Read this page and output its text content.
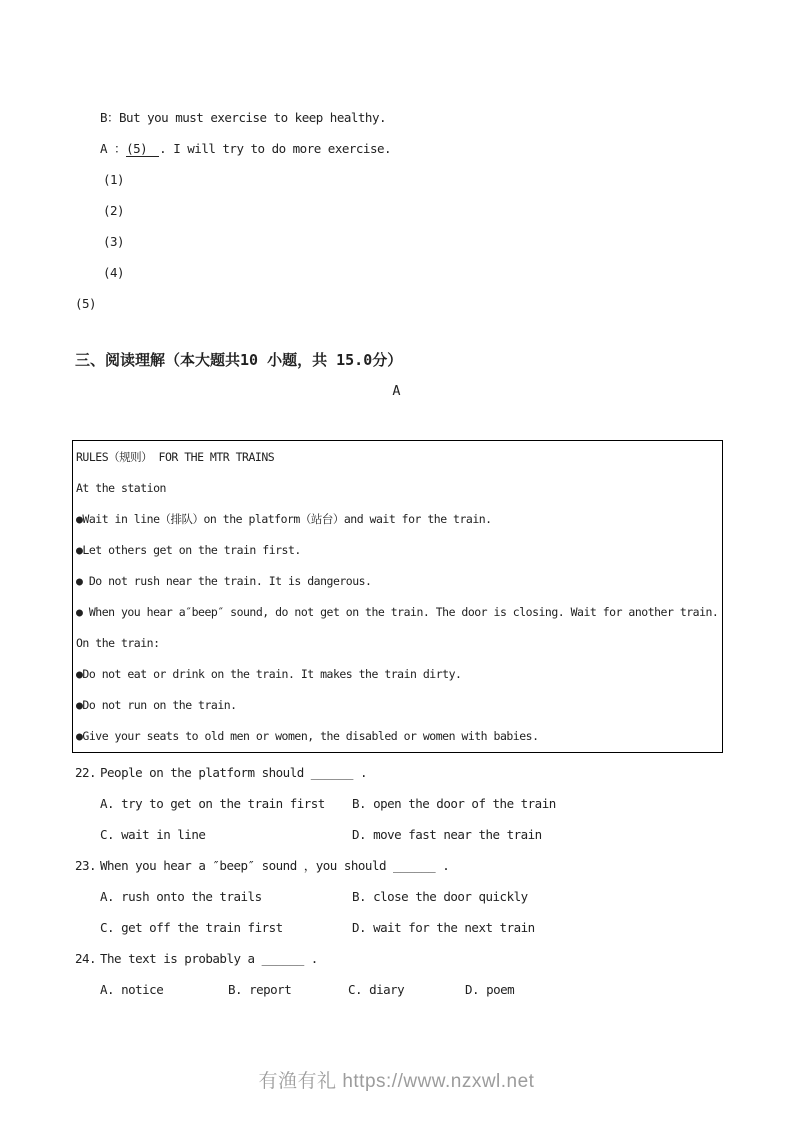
B：But you must exercise to keep healthy.
A ：(5) . I will try to do more exercise.
(1)
(2)
(3)
(4)
(5)
三、阅读理解（本大题共10 小题，共 15.0分）
A
RULES（规则） FOR THE MTR TRAINS
At the station
●Wait in line（排队）on the platform（站台）and wait for the train.
●Let others get on the train first.
● Do not rush near the train. It is dangerous.
● When you hear a″beep″ sound, do not get on the train. The door is closing. Wait for another train.
On the train:
●Do not eat or drink on the train. It makes the train dirty.
●Do not run on the train.
●Give your seats to old men or women, the disabled or women with babies.
22. People on the platform should ______ .
A. try to get on the train first	B. open the door of the train
C. wait in line	D. move fast near the train
23. When you hear a ″beep″ sound ，you should ______ .
A. rush onto the trails	B. close the door quickly
C. get off the train first	D. wait for the next train
24. The text is probably a ______ .
A. notice	B. report	C. diary	D. poem
有渔有礼 https://www.nzxwl.net
